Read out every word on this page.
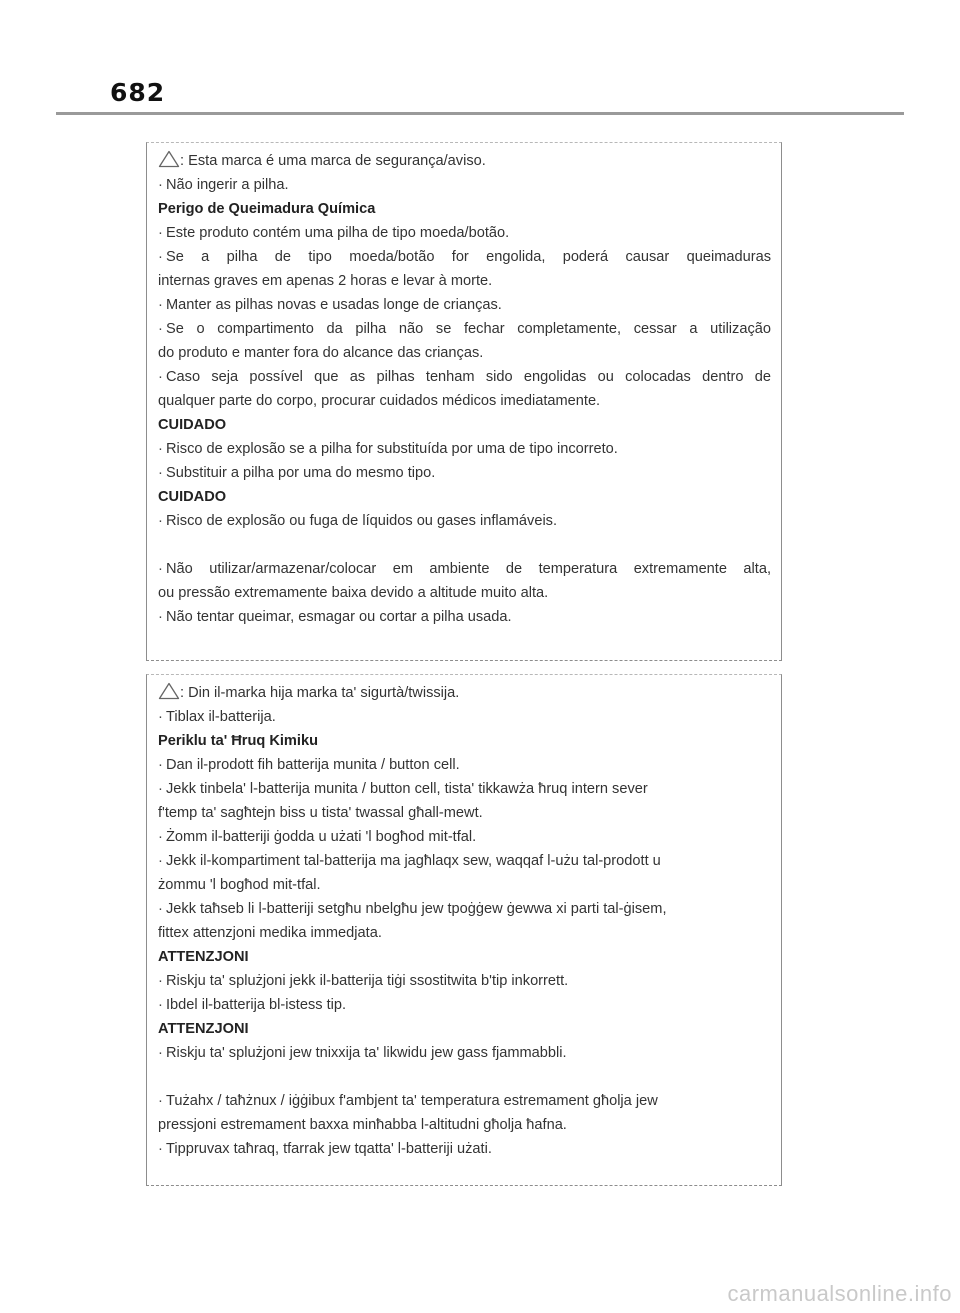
682
: Esta marca é uma marca de segurança/aviso.
· Não ingerir a pilha.
Perigo de Queimadura Química
· Este produto contém uma pilha de tipo moeda/botão.
· Se a pilha de tipo moeda/botão for engolida, poderá causar queimaduras
internas graves em apenas 2 horas e levar à morte.
· Manter as pilhas novas e usadas longe de crianças.
· Se o compartimento da pilha não se fechar completamente, cessar a utilização
do produto e manter fora do alcance das crianças.
· Caso seja possível que as pilhas tenham sido engolidas ou colocadas dentro de
qualquer parte do corpo, procurar cuidados médicos imediatamente.
CUIDADO
· Risco de explosão se a pilha for substituída por uma de tipo incorreto.
· Substituir a pilha por uma do mesmo tipo.
CUIDADO
· Risco de explosão ou fuga de líquidos ou gases inflamáveis.
· Não utilizar/armazenar/colocar em ambiente de temperatura extremamente alta,
ou pressão extremamente baixa devido a altitude muito alta.
· Não tentar queimar, esmagar ou cortar a pilha usada.
: Din il-marka hija marka ta' sigurtà/twissija.
· Tiblax il-batterija.
Periklu ta' Ħruq Kimiku
· Dan il-prodott fih batterija munita / button cell.
· Jekk tinbela' l-batterija munita / button cell, tista' tikkawża ħruq intern sever
f'temp ta' sagħtejn biss u tista' twassal għall-mewt.
· Żomm il-batteriji ġodda u użati 'l bogħod mit-tfal.
· Jekk il-kompartiment tal-batterija ma jagħlaqx sew, waqqaf l-użu tal-prodott u
żommu 'l bogħod mit-tfal.
· Jekk taħseb li l-batteriji setgħu nbelgħu jew tpoġġew ġewwa xi parti tal-ġisem,
fittex attenzjoni medika immedjata.
ATTENZJONI
· Riskju ta' splużjoni jekk il-batterija tiġi ssostitwita b'tip inkorrett.
· Ibdel il-batterija bl-istess tip.
ATTENZJONI
· Riskju ta' splużjoni jew tnixxija ta' likwidu jew gass fjammabbli.
· Tużahx / taħżnux / iġġibux f'ambjent ta' temperatura estremament għolja jew
pressjoni estremament baxxa minħabba l-altitudni għolja ħafna.
· Tippruvax taħraq, tfarrak jew tqatta' l-batteriji użati.
carmanualsonline.info
